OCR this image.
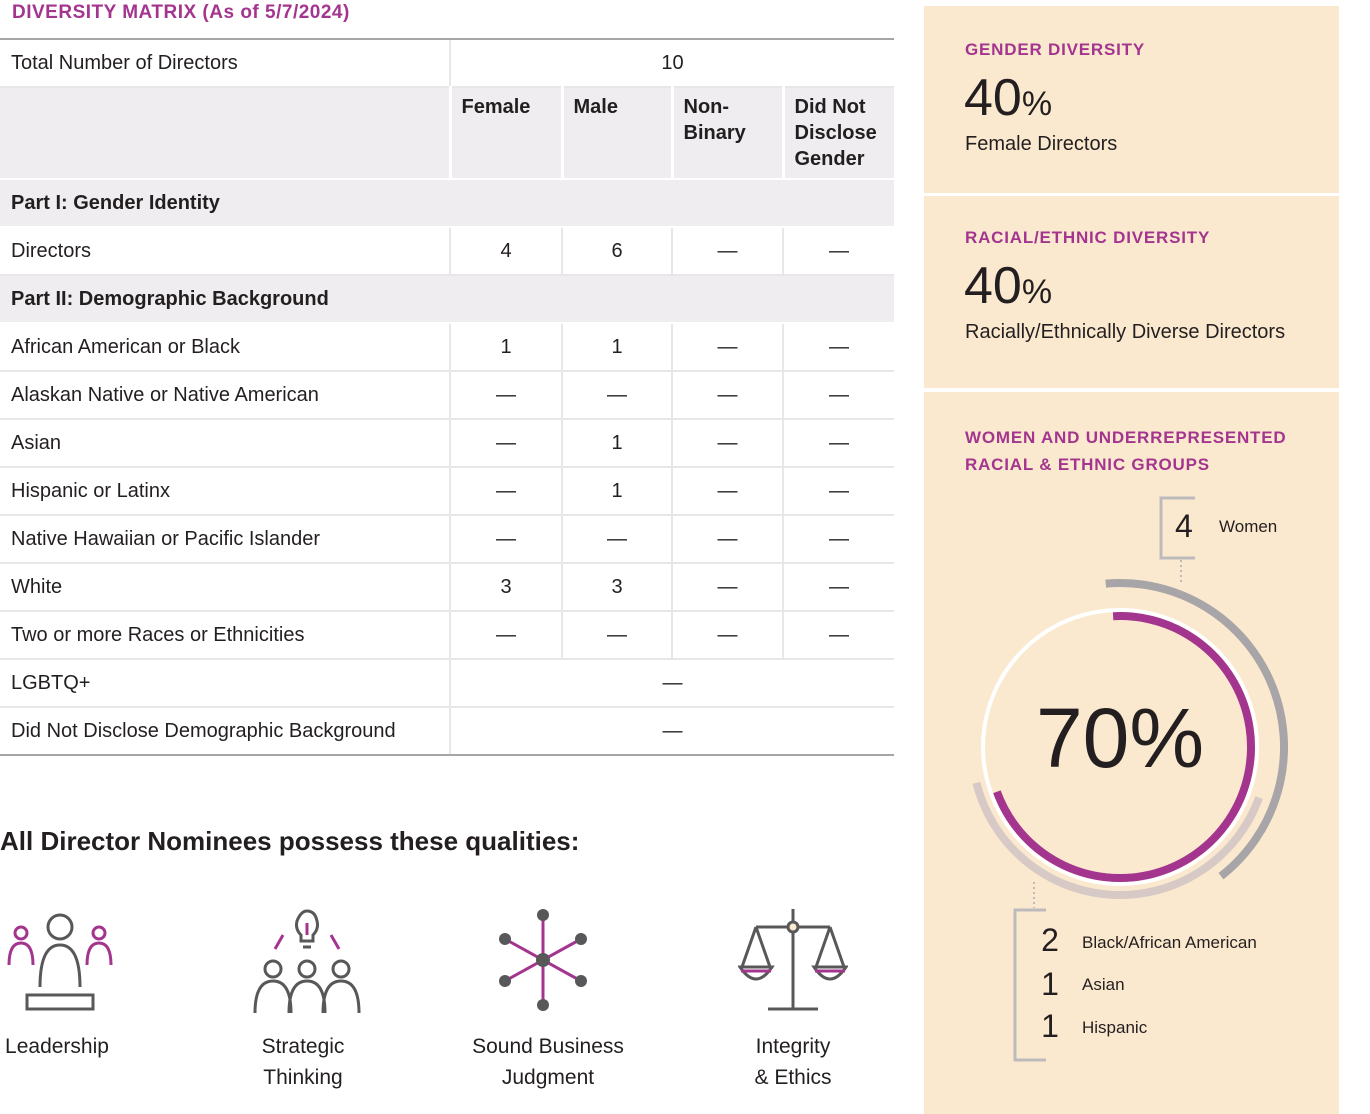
DIVERSITY MATRIX (As of 5/7/2024)
Total Number of Directors	10			
	Female	Male	Non-Binary	Did Not Disclose Gender
Part I: Gender Identity				
Directors	4	6	—	—
Part II: Demographic Background				
African American or Black	1	1	—	—
Alaskan Native or Native American	—	—	—	—
Asian	—	1	—	—
Hispanic or Latinx	—	1	—	—
Native Hawaiian or Pacific Islander	—	—	—	—
White	3	3	—	—
Two or more Races or Ethnicities	—	—	—	—
LGBTQ+	—			
Did Not Disclose Demographic Background	—			
All Director Nominees possess these qualities:
Leadership	Strategic
Thinking
Sound Business
Judgment
Integrity
& Ethics
GENDER DIVERSITY
40%
Female Directors
RACIAL/ETHNIC DIVERSITY
40%
Racially/Ethnically Diverse Directors
WOMEN AND UNDERREPRESENTED
RACIAL & ETHNIC GROUPS
4 Women
70%
2 Black/African American
1 Asian
1 Hispanic
